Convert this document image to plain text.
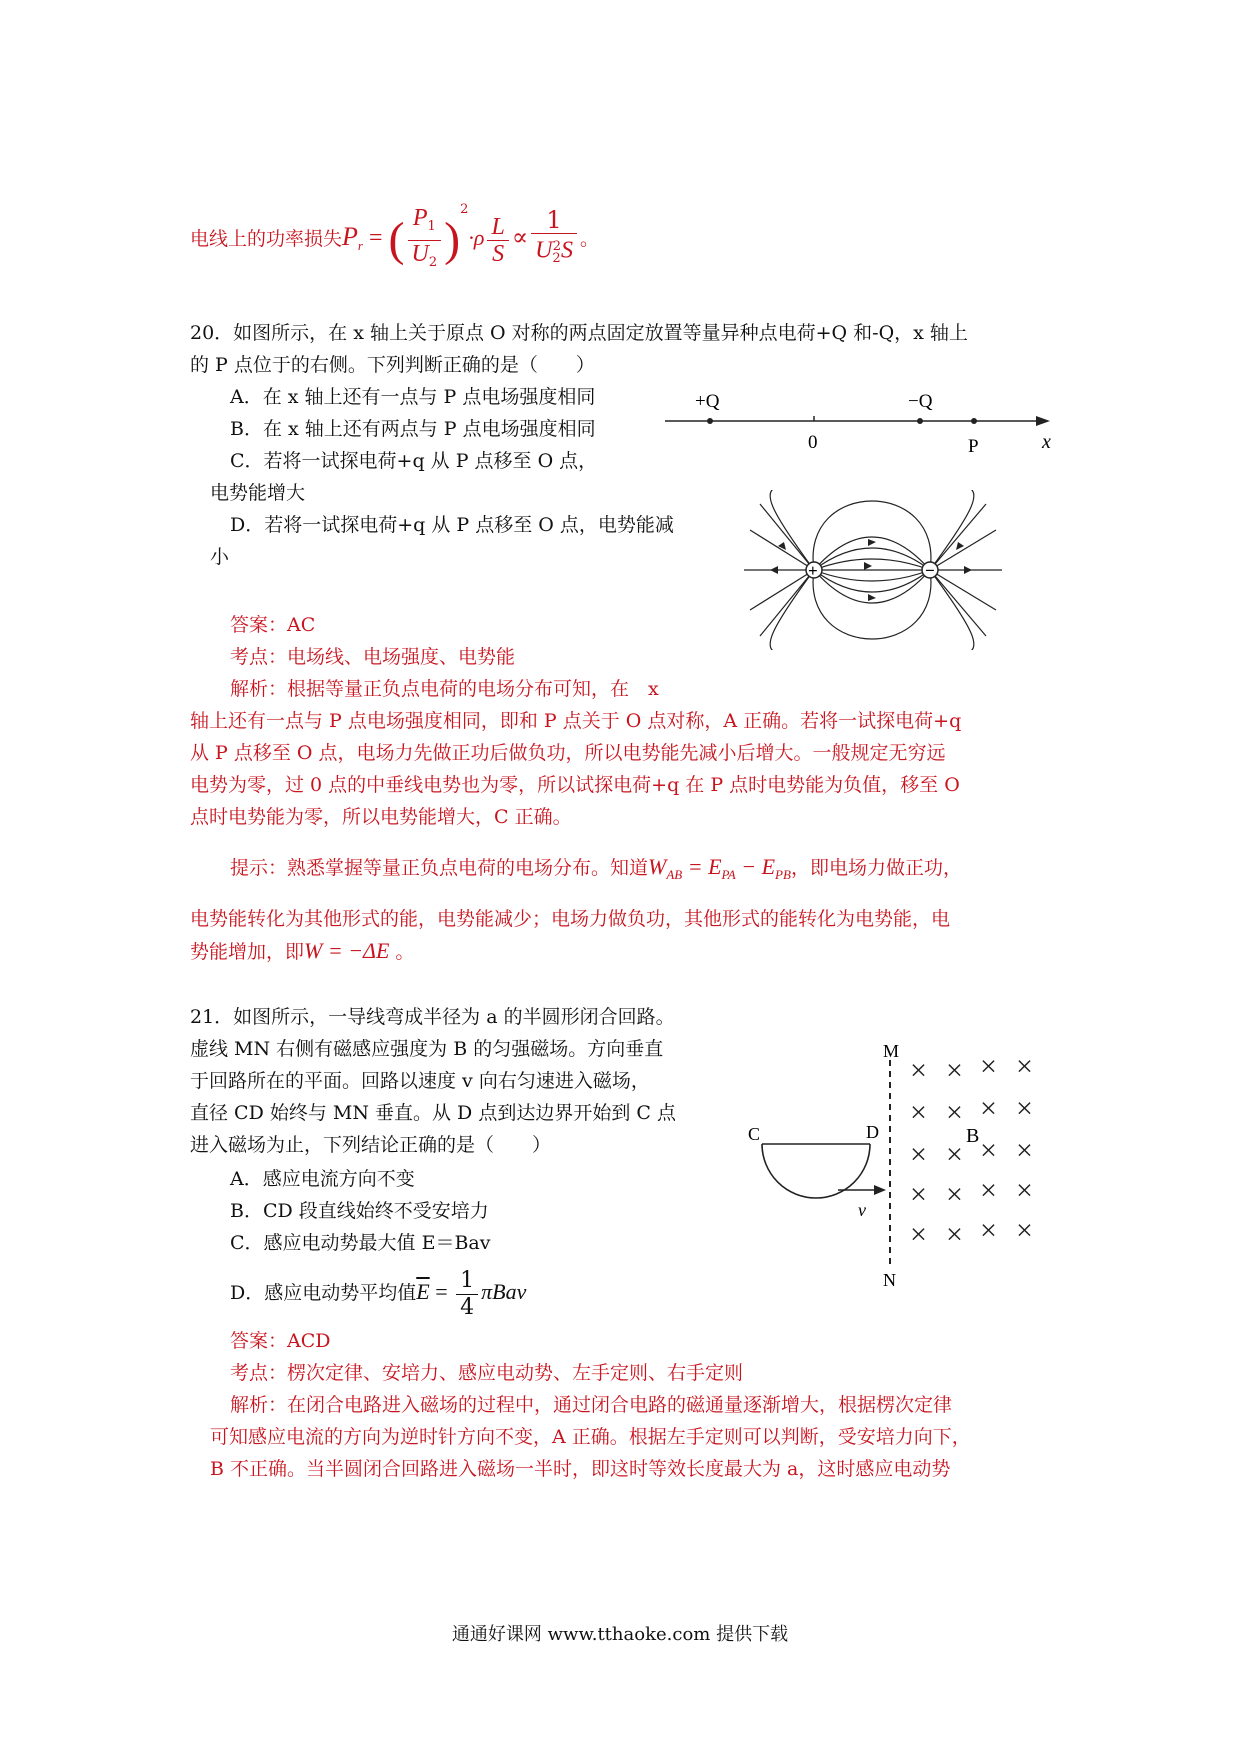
电线上的功率损失$P_r$ = ( $\frac{P_1}{U_2} )^2\cdot\rho \frac{L}{S} \propto \frac{1}{U_2^2S}$ 。
20．如图所示，在 x 轴上关于原点 O 对称的两点固定放置等量异种点电荷+Q 和-Q，x 轴上
的 P 点位于的右侧。下列判断正确的是（　　）
A．在 x 轴上还有一点与 P 点电场强度相同
B．在 x 轴上还有两点与 P 点电场强度相同
C．若将一试探电荷+q 从 P 点移至 O 点，
电势能增大
D．若将一试探电荷+q 从 P 点移至 O 点，电势能减
小
+Q	−Q
0	P	x
+	−
答案：AC
考点：电场线、电场强度、电势能
解析：根据等量正负点电荷的电场分布可知，在　x
轴上还有一点与 P 点电场强度相同，即和 P 点关于 O 点对称，A 正确。若将一试探电荷+q
从 P 点移至 O 点，电场力先做正功后做负功，所以电势能先减小后增大。一般规定无穷远
电势为零，过 0 点的中垂线电势也为零，所以试探电荷+q 在 P 点时电势能为负值，移至 O
点时电势能为零，所以电势能增大，C 正确。
提示：熟悉掌握等量正负点电荷的电场分布。知道$W_{AB} = E_{PA} - E_{PB}$，即电场力做正功，
电势能转化为其他形式的能，电势能减少；电场力做负功，其他形式的能转化为电势能，电
势能增加，即W = −ΔE 。
21．如图所示，一导线弯成半径为 a 的半圆形闭合回路。
虚线 MN 右侧有磁感应强度为 B 的匀强磁场。方向垂直
于回路所在的平面。回路以速度 v 向右匀速进入磁场，
直径 CD 始终与 MN 垂直。从 D 点到达边界开始到 C 点
进入磁场为止，下列结论正确的是（　　）
A．感应电流方向不变
B．CD 段直线始终不受安培力
C．感应电动势最大值 E＝Bav
D．感应电动势平均值$\overline{E} = \frac{1}{4}$ πBav
M
N
C	D
v
× × × ×
× × × ×
× × × ×
× × × ×
× × × ×
B
答案：ACD
考点：楞次定律、安培力、感应电动势、左手定则、右手定则
解析：在闭合电路进入磁场的过程中，通过闭合电路的磁通量逐渐增大，根据楞次定律
可知感应电流的方向为逆时针方向不变，A 正确。根据左手定则可以判断，受安培力向下，
B 不正确。当半圆闭合回路进入磁场一半时，即这时等效长度最大为 a，这时感应电动势
通通好课网 www.tthaoke.com 提供下载
